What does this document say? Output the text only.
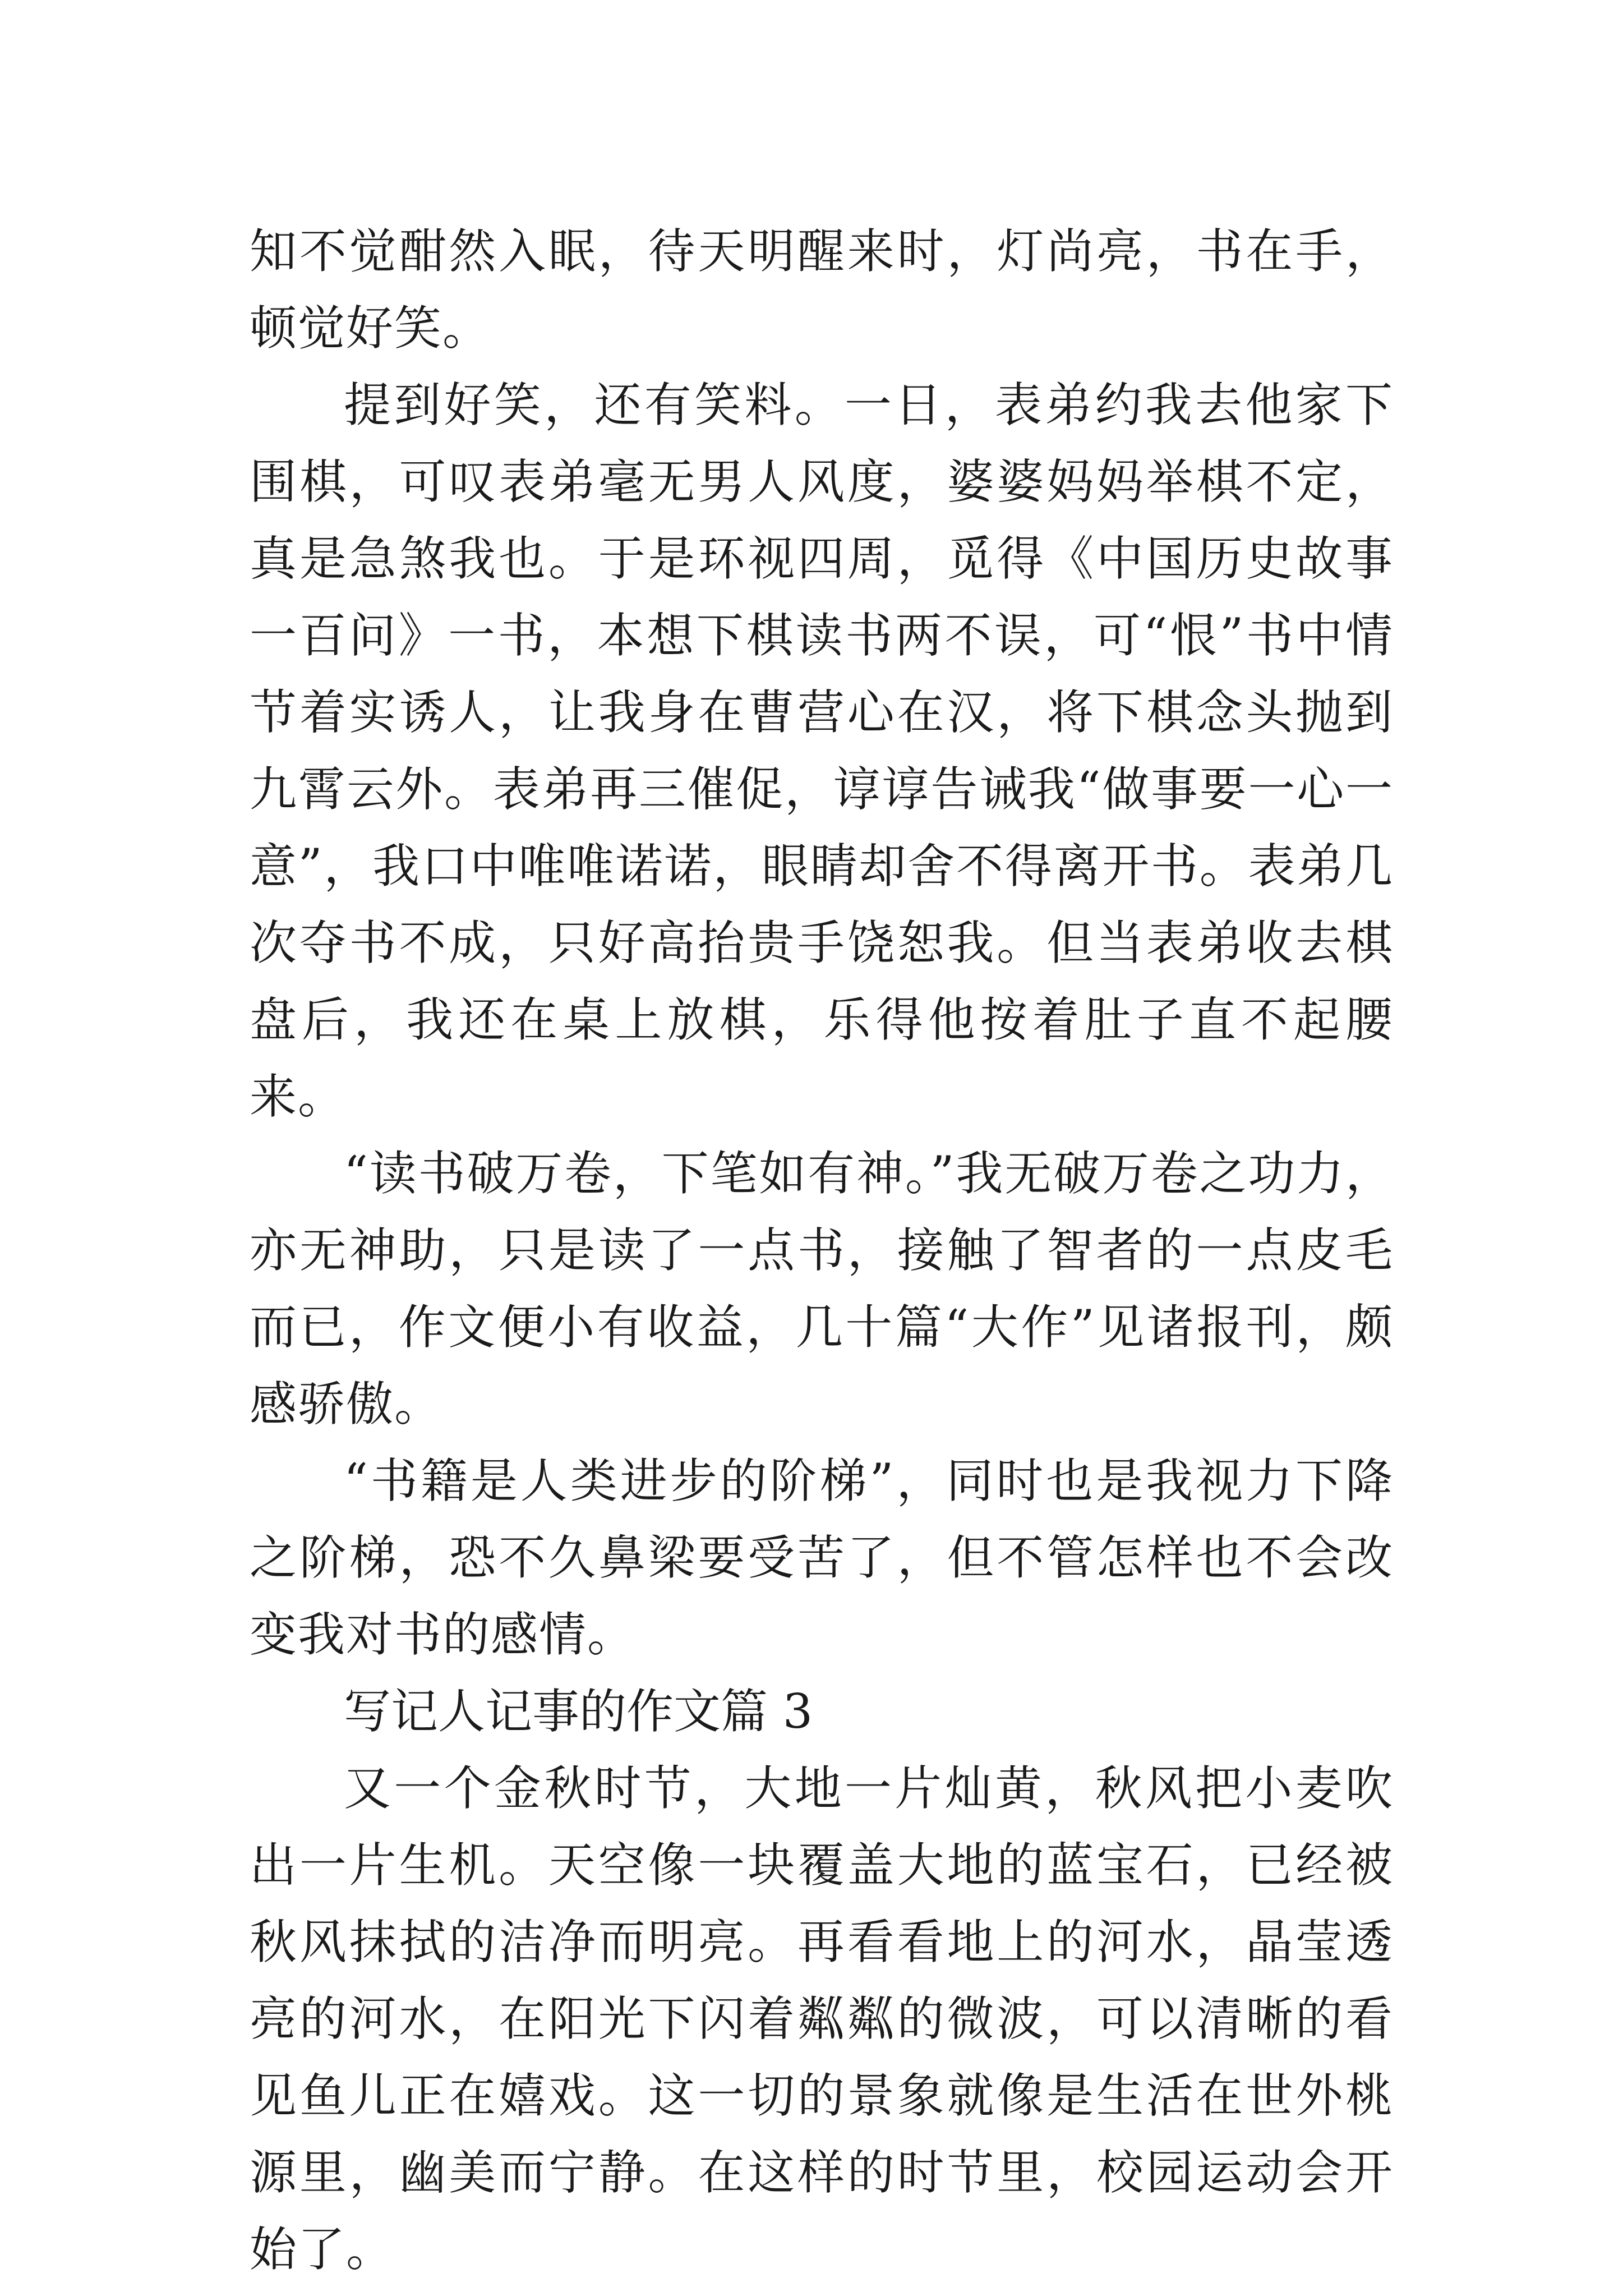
知不觉酣然入眠，待天明醒来时，灯尚亮，书在手，顿觉好笑。

提到好笑，还有笑料。一日，表弟约我去他家下围棋，可叹表弟毫无男人风度，婆婆妈妈举棋不定，真是急煞我也。于是环视四周，觅得《中国历史故事一百问》一书，本想下棋读书两不误，可“恨”书中情节着实诱人，让我身在曹营心在汉，将下棋念头抛到九霄云外。表弟再三催促，谆谆告诫我“做事要一心一意”，我口中唯唯诺诺，眼睛却舍不得离开书。表弟几次夺书不成，只好高抬贵手饶恕我。但当表弟收去棋盘后，我还在桌上放棋，乐得他按着肚子直不起腰来。

“读书破万卷，下笔如有神。”我无破万卷之功力，亦无神助，只是读了一点书，接触了智者的一点皮毛而已，作文便小有收益，几十篇“大作”见诸报刊，颇感骄傲。

“书籍是人类进步的阶梯”，同时也是我视力下降之阶梯，恐不久鼻梁要受苦了，但不管怎样也不会改变我对书的感情。

写记人记事的作文篇 3

又一个金秋时节，大地一片灿黄，秋风把小麦吹出一片生机。天空像一块覆盖大地的蓝宝石，已经被秋风抹拭的洁净而明亮。再看看地上的河水，晶莹透亮的河水，在阳光下闪着粼粼的微波，可以清晰的看见鱼儿正在嬉戏。这一切的景象就像是生活在世外桃源里，幽美而宁静。在这样的时节里，校园运动会开始了。
